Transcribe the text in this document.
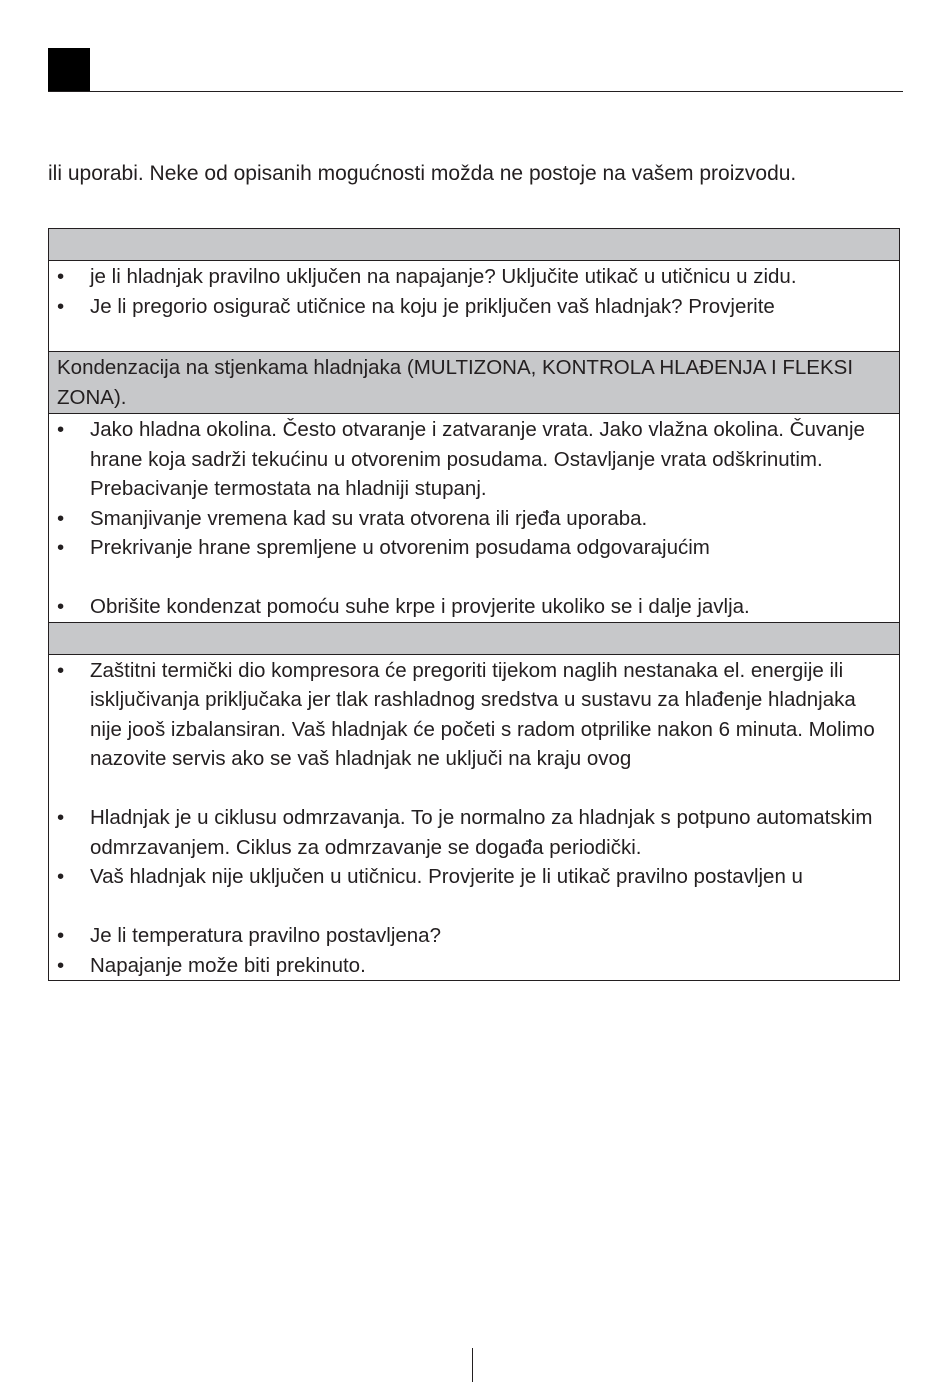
ili uporabi. Neke od opisanih mogućnosti možda ne postoje na vašem proizvodu.
•	je li hladnjak pravilno uključen na napajanje? Uključite utikač u utičnicu u zidu.
•	Je li pregorio osigurač utičnice na koju je priključen vaš hladnjak? Provjerite
Kondenzacija na stjenkama hladnjaka (MULTIZONA, KONTROLA HLAĐENJA I FLEKSI ZONA).
•	Jako hladna okolina. Često otvaranje i zatvaranje vrata. Jako vlažna okolina. Čuvanje hrane koja sadrži tekućinu u otvorenim posudama. Ostavljanje vrata odškrinutim. Prebacivanje termostata na hladniji stupanj.
•	Smanjivanje vremena kad su vrata otvorena ili rjeđa uporaba.
•	Prekrivanje hrane spremljene u otvorenim posudama odgovarajućim
•	Obrišite kondenzat pomoću suhe krpe i provjerite ukoliko se i dalje javlja.
•	Zaštitni termički dio kompresora će pregoriti tijekom naglih nestanaka el. energije ili isključivanja priključaka jer tlak rashladnog sredstva u sustavu za hlađenje hladnjaka nije jooš izbalansiran. Vaš hladnjak će početi s radom otprilike nakon 6 minuta. Molimo nazovite servis ako se vaš hladnjak ne uključi na kraju ovog
•	Hladnjak je u ciklusu odmrzavanja. To je normalno za hladnjak s potpuno automatskim odmrzavanjem. Ciklus za odmrzavanje se događa periodički.
•	Vaš hladnjak nije uključen u utičnicu. Provjerite je li utikač pravilno postavljen u
•	Je li temperatura pravilno postavljena?
•	Napajanje može biti prekinuto.
